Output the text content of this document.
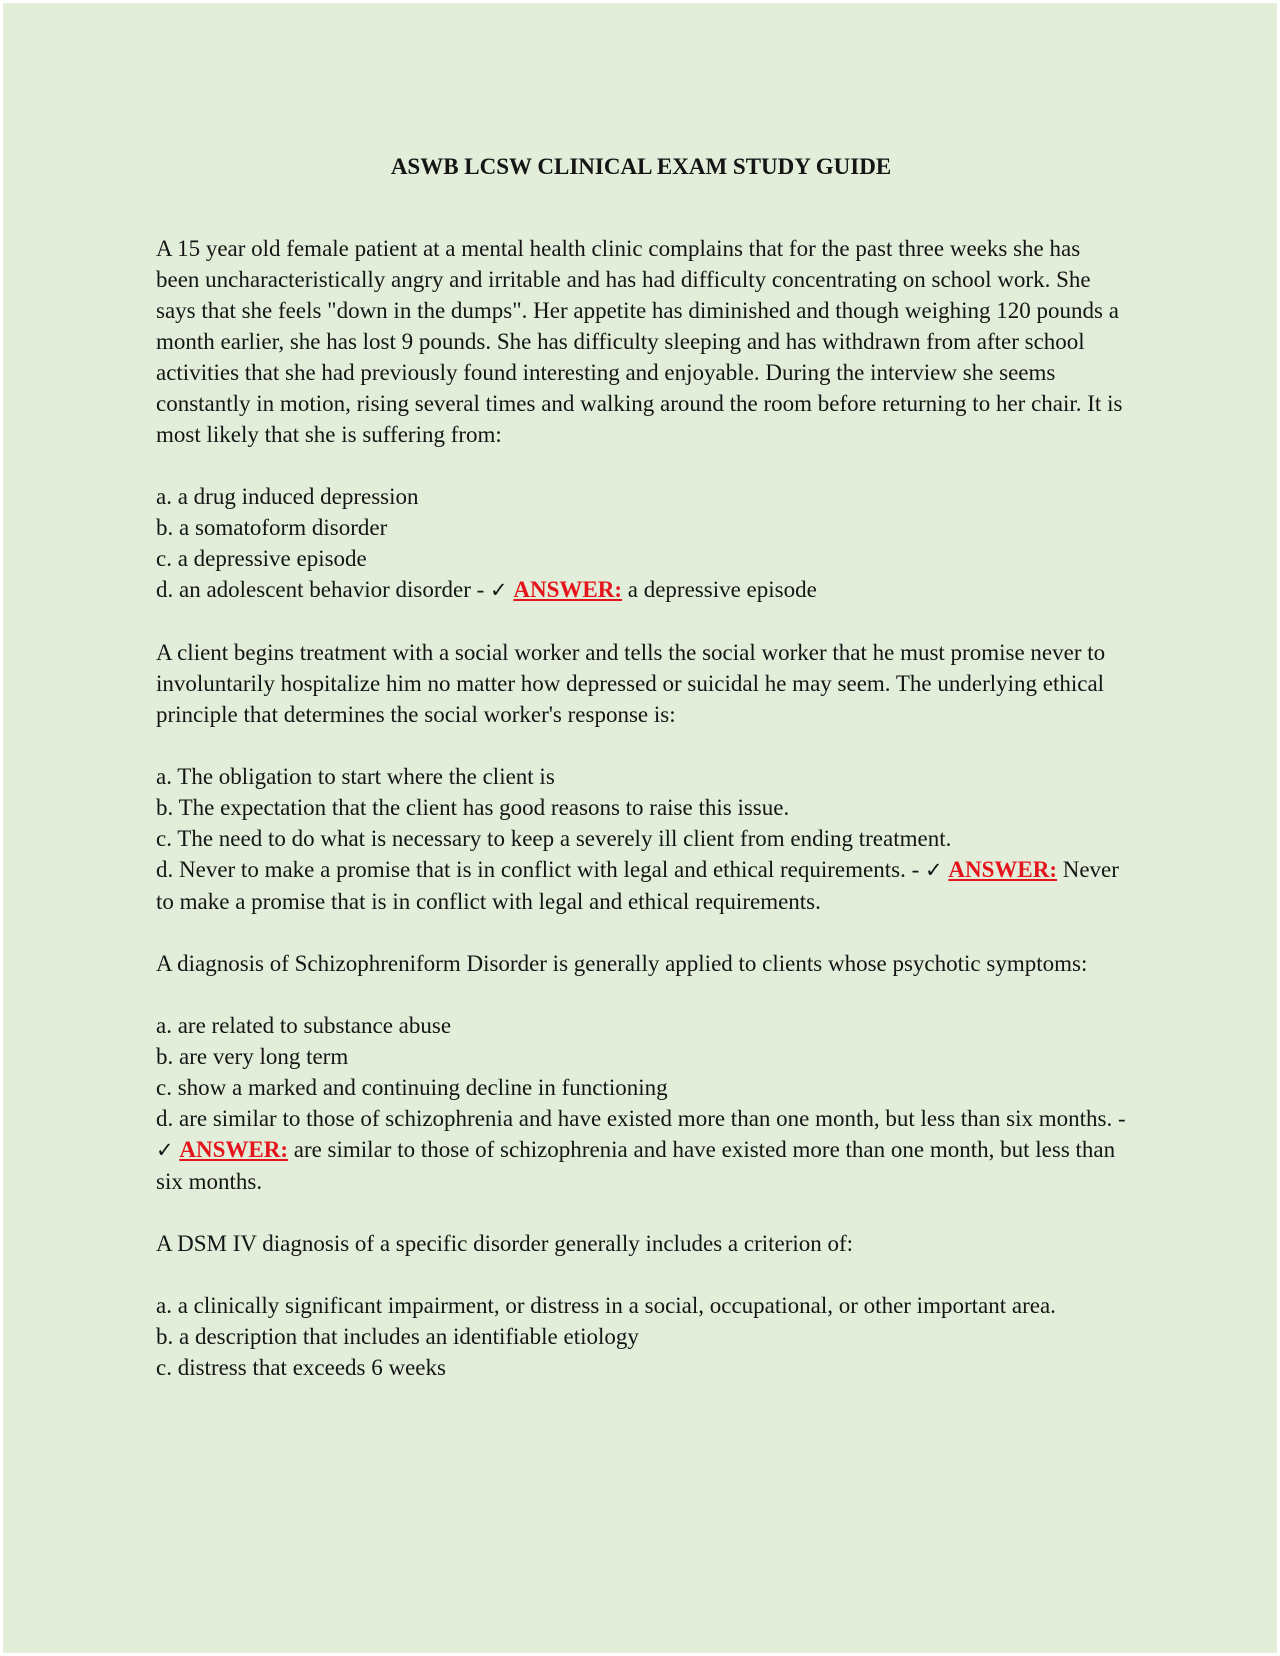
ASWB LCSW CLINICAL EXAM STUDY GUIDE
A 15 year old female patient at a mental health clinic complains that for the past three weeks she has been uncharacteristically angry and irritable and has had difficulty concentrating on school work. She says that she feels "down in the dumps". Her appetite has diminished and though weighing 120 pounds a month earlier, she has lost 9 pounds. She has difficulty sleeping and has withdrawn from after school activities that she had previously found interesting and enjoyable. During the interview she seems constantly in motion, rising several times and walking around the room before returning to her chair. It is most likely that she is suffering from:
a. a drug induced depression
b. a somatoform disorder
c. a depressive episode
d. an adolescent behavior disorder - ✓ ANSWER: a depressive episode
A client begins treatment with a social worker and tells the social worker that he must promise never to involuntarily hospitalize him no matter how depressed or suicidal he may seem. The underlying ethical principle that determines the social worker's response is:
a. The obligation to start where the client is
b. The expectation that the client has good reasons to raise this issue.
c. The need to do what is necessary to keep a severely ill client from ending treatment.
d. Never to make a promise that is in conflict with legal and ethical requirements. - ✓ ANSWER: Never to make a promise that is in conflict with legal and ethical requirements.
A diagnosis of Schizophreniform Disorder is generally applied to clients whose psychotic symptoms:
a. are related to substance abuse
b. are very long term
c. show a marked and continuing decline in functioning
d. are similar to those of schizophrenia and have existed more than one month, but less than six months. - ✓ ANSWER: are similar to those of schizophrenia and have existed more than one month, but less than six months.
A DSM IV diagnosis of a specific disorder generally includes a criterion of:
a. a clinically significant impairment, or distress in a social, occupational, or other important area.
b. a description that includes an identifiable etiology
c. distress that exceeds 6 weeks
